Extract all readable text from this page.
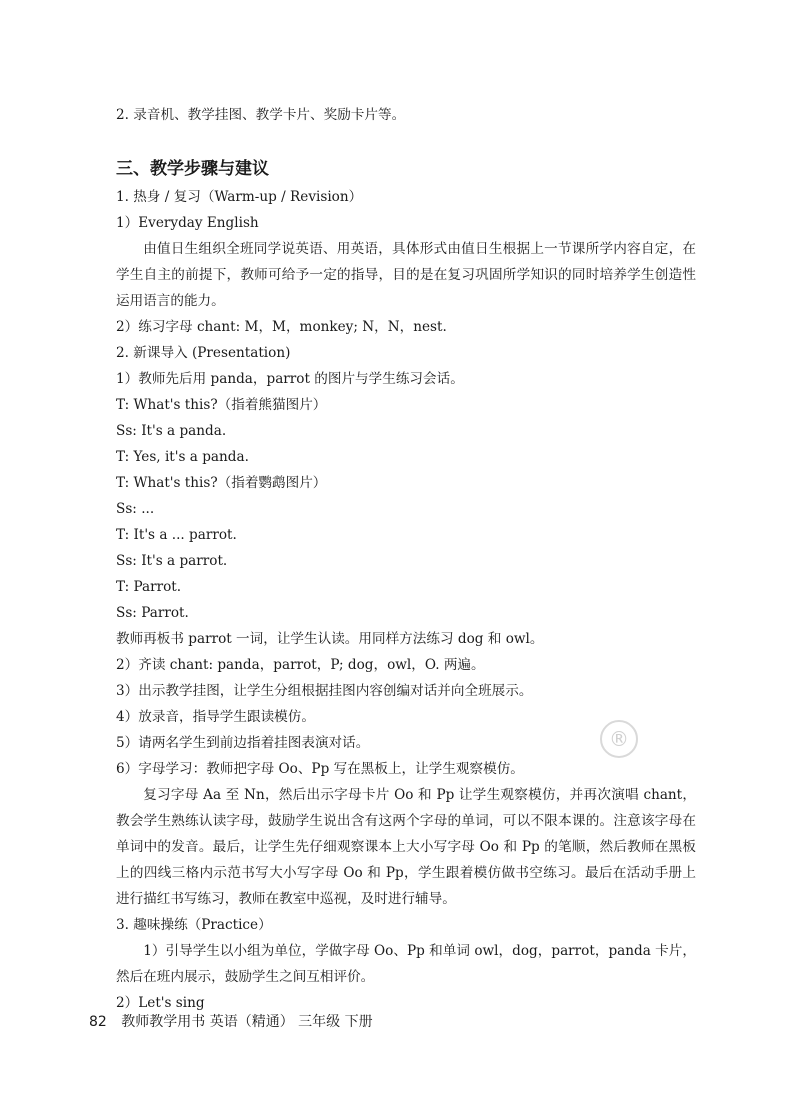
2. 录音机、教学挂图、教学卡片、奖励卡片等。
三、教学步骤与建议
1. 热身 / 复习（Warm-up / Revision）
1）Everyday English
由值日生组织全班同学说英语、用英语，具体形式由值日生根据上一节课所学内容自定，在学生自主的前提下，教师可给予一定的指导，目的是在复习巩固所学知识的同时培养学生创造性运用语言的能力。
2）练习字母 chant: M，M，monkey; N，N，nest.
2. 新课导入 (Presentation)
1）教师先后用 panda，parrot 的图片与学生练习会话。
T: What's this?（指着熊猫图片）
Ss: It's a panda.
T: Yes, it's a panda.
T: What's this?（指着鹦鹉图片）
Ss: ...
T: It's a ... parrot.
Ss: It's a parrot.
T: Parrot.
Ss: Parrot.
教师再板书 parrot 一词，让学生认读。用同样方法练习 dog 和 owl。
2）齐读 chant: panda，parrot，P; dog，owl，O. 两遍。
3）出示教学挂图，让学生分组根据挂图内容创编对话并向全班展示。
4）放录音，指导学生跟读模仿。
5）请两名学生到前边指着挂图表演对话。
6）字母学习：教师把字母 Oo、Pp 写在黑板上，让学生观察模仿。
复习字母 Aa 至 Nn，然后出示字母卡片 Oo 和 Pp 让学生观察模仿，并再次演唱 chant，教会学生熟练认读字母，鼓励学生说出含有这两个字母的单词，可以不限本课的。注意该字母在单词中的发音。最后，让学生先仔细观察课本上大小写字母 Oo 和 Pp 的笔顺，然后教师在黑板上的四线三格内示范书写大小写字母 Oo 和 Pp，学生跟着模仿做书空练习。最后在活动手册上进行描红书写练习，教师在教室中巡视，及时进行辅导。
3. 趣味操练（Practice）
1）引导学生以小组为单位，学做字母 Oo、Pp 和单词 owl，dog，parrot，panda 卡片，然后在班内展示，鼓励学生之间互相评价。
2）Let's sing
®
82 教师教学用书 英语（精通） 三年级 下册
